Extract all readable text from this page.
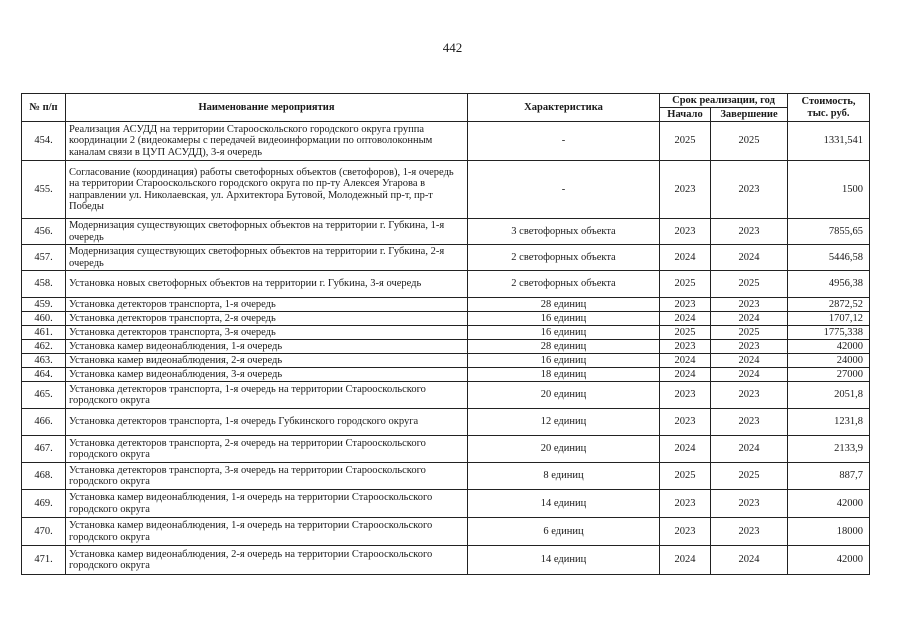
442
№ п/п	Наименование мероприятия	Характеристика	Срок реализации, год		Стоимость, тыс. руб.
			Начало	Завершение	
454.	Реализация АСУДД на территории Старооскольского городского округа группа координации 2 (видеокамеры с передачей видеоинформации по оптоволоконным каналам связи в ЦУП АСУДД), 3-я очередь	-	2025	2025	1331,541
455.	Согласование (координация) работы светофорных объектов (светофоров), 1-я очередь на территории Старооскольского городского округа по пр-ту Алексея Угарова в направлении ул. Николаевская, ул. Архитектора Бутовой, Молодежный пр-т, пр-т Победы	-	2023	2023	1500
456.	Модернизация существующих светофорных объектов на территории г. Губкина, 1-я очередь	3 светофорных объекта	2023	2023	7855,65
457.	Модернизация существующих светофорных объектов на территории г. Губкина, 2-я очередь	2 светофорных объекта	2024	2024	5446,58
458.	Установка новых светофорных объектов на территории г. Губкина, 3-я очередь	2 светофорных объекта	2025	2025	4956,38
459.	Установка детекторов транспорта, 1-я очередь	28 единиц	2023	2023	2872,52
460.	Установка детекторов транспорта, 2-я очередь	16 единиц	2024	2024	1707,12
461.	Установка детекторов транспорта, 3-я очередь	16 единиц	2025	2025	1775,338
462.	Установка камер видеонаблюдения, 1-я очередь	28 единиц	2023	2023	42000
463.	Установка камер видеонаблюдения, 2-я очередь	16 единиц	2024	2024	24000
464.	Установка камер видеонаблюдения, 3-я очередь	18 единиц	2024	2024	27000
465.	Установка детекторов транспорта, 1-я очередь на территории Старооскольского городского округа	20 единиц	2023	2023	2051,8
466.	Установка детекторов транспорта, 1-я очередь Губкинского городского округа	12 единиц	2023	2023	1231,8
467.	Установка детекторов транспорта, 2-я очередь на территории Старооскольского городского округа	20 единиц	2024	2024	2133,9
468.	Установка детекторов транспорта, 3-я очередь на территории Старооскольского городского округа	8 единиц	2025	2025	887,7
469.	Установка камер видеонаблюдения, 1-я очередь на территории Старооскольского городского округа	14 единиц	2023	2023	42000
470.	Установка камер видеонаблюдения, 1-я очередь на территории Старооскольского городского округа	6 единиц	2023	2023	18000
471.	Установка камер видеонаблюдения, 2-я очередь на территории Старооскольского городского округа	14 единиц	2024	2024	42000
